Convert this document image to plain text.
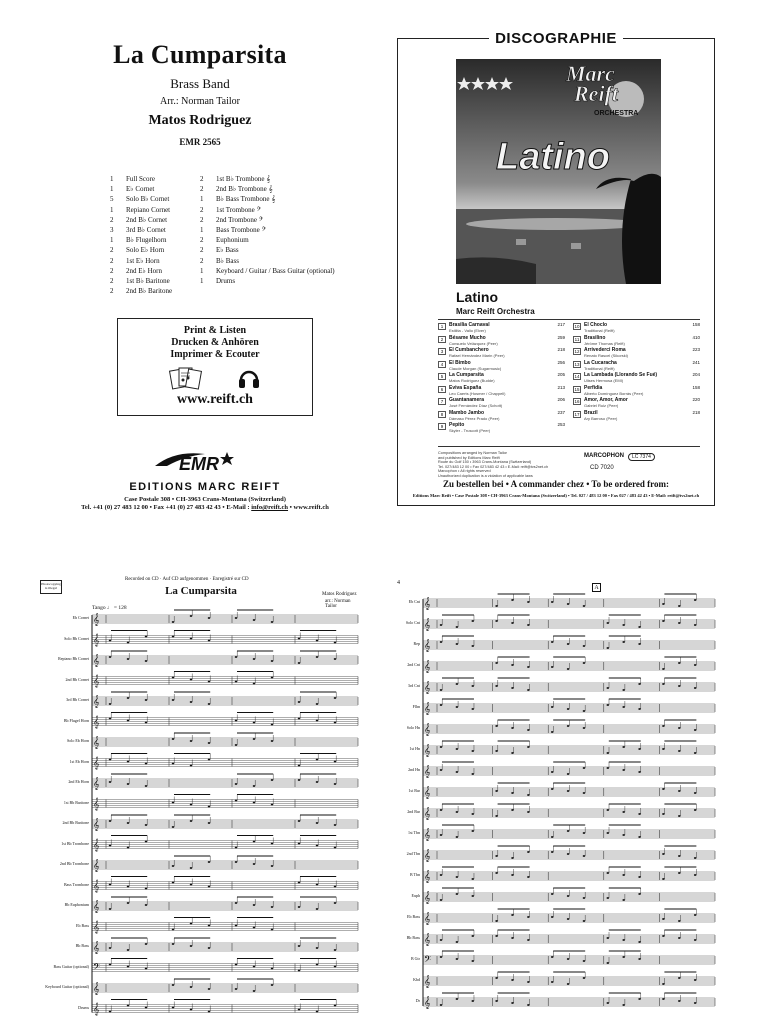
La Cumparsita
Brass Band
Arr.: Norman Tailor
Matos Rodriguez
EMR 2565
1	Full Score
1	E♭ Cornet
5	Solo B♭ Cornet
1	Repiano Cornet
2	2nd B♭ Cornet
3	3rd B♭ Cornet
1	B♭ Flugelhorn
2	Solo E♭ Horn
2	1st E♭ Horn
2	2nd E♭ Horn
2	1st B♭ Baritone
2	2nd B♭ Baritone
2	1st B♭ Trombone 𝄞
2	2nd B♭ Trombone 𝄞
1	B♭ Bass Trombone 𝄞
2	1st Trombone 𝄢
2	2nd Trombone 𝄢
1	Bass Trombone 𝄢
2	Euphonium
2	E♭ Bass
2	B♭ Bass
1	Keyboard / Guitar / Bass Guitar (optional)
1	Drums
Print & Listen
Drucken & Anhören
Imprimer & Ecouter
www.reift.ch
EMR
EDITIONS MARC REIFT
Case Postale 308 • CH-3963 Crans-Montana (Switzerland)
Tel. +41 (0) 27 483 12 00 • Fax +41 (0) 27 483 42 43 • E-Mail : info@reift.ch • www.reift.ch
DISCOGRAPHIE
Marc
Reift
ORCHESTRA
Latino
Latino
Marc Reift Orchestra
1	Brasilia Carnaval
Estilita - Valio (Elver)
217
2	Bésame Mucho
Consuelo Velázquez (Peer)
259
3	El Cumbanchero
Rafael Hernández Marin (Peer)
218
4	El Bimbo
Claude Morgan (Sugarmusic)
256
5	La Cumparsita
Matos Rodriguez (Budde)
205
6	Eviva España
Leo Caerts (Hosmer / Chappell)
213
7	Guantanamera
José Fernández Díaz (Schott)
206
8	Mambo Jambo
Dámaso Pérez Prado (Peer)
237
9	Pepito
Skyler - Truscott (Peer)
253
10 El Choclo
Traditional (Reift)
158
11 Brasilino
Jérôme Thomas (Reift)
410
12 Arrivederci Roma
Renato Rascel (Sikorski)
223
13 La Cucaracha
Traditional (Reift)
241
14 La Lambada (Llorando Se Fué)
Ulises Hermosa (EMI)
204
15 Perfidia
Alberto Domínguez Borrás (Peer)
158
16 Amor, Amor, Amor
Gabriel Ruiz (Peer)
220
17 Brazil
Ary Barroso (Peer)
218
Compositions arranged by Norman Tailor
and published by Editions Marc Reift
Route du Golf 150 • 3963 Crans-Montana (Switzerland)
Tel. 027/483 12 00 • Fax 027/483 42 43 • E-Mail: reift@tvs2net.ch
Marcophon • All rights reserved
Unauthorized duplication is a violation of applicable laws
MARCOPHON	LC 7374
CD 7020
Zu bestellen bei • A commander chez • To be ordered from:
Editions Marc Reift • Case Postale 308 • CH-3963 Crans-Montana (Switzerland) • Tel. 027 / 483 12 00 • Fax 027 / 483 42 43 • E-Mail: reift@tvs2net.ch
𝄞
𝄞
𝄞
𝄞
𝄞
𝄞
𝄞
𝄞
𝄞
𝄞
𝄞
𝄞
𝄞
𝄞
𝄞
𝄞
𝄞
𝄢
𝄞
𝄞
Photocopying is illegal
Recorded on CD · Auf CD aufgenommen · Enregistré sur CD
La Cumparsita	Matos Rodriguez
arr.: Norman Tailor
Tango ♩ = 128
Eb Cornet
Solo Bb Cornet
Repiano Bb Cornet
2nd Bb Cornet
3rd Bb Cornet
Bb Flugel Horn
Solo Eb Horn
1st Eb Horn
2nd Eb Horn
1st Bb Baritone
2nd Bb Baritone
1st Bb Trombone
2nd Bb Trombone
Bass Trombone
Bb Euphonium
Eb Bass
Bb Bass
Bass Guitar (optional)
Keyboard Guitar (optional)
Drums
𝄞
𝄞
𝄞
𝄞
𝄞
𝄞
𝄞
𝄞
𝄞
𝄞
𝄞
𝄞
𝄞
𝄞
𝄞
𝄞
𝄞
𝄢
𝄞
𝄞
4
A
Eb Cnt
Solo Cnt
Rep
2nd Cnt
3rd Cnt
Flhn
Solo Hn
1st Hn
2nd Hn
1st Bar
2nd Bar
1st Tbn
2nd Tbn
B Tbn
Euph
Eb Bass
Bb Bass
B Gtr
Kbd
Dr
